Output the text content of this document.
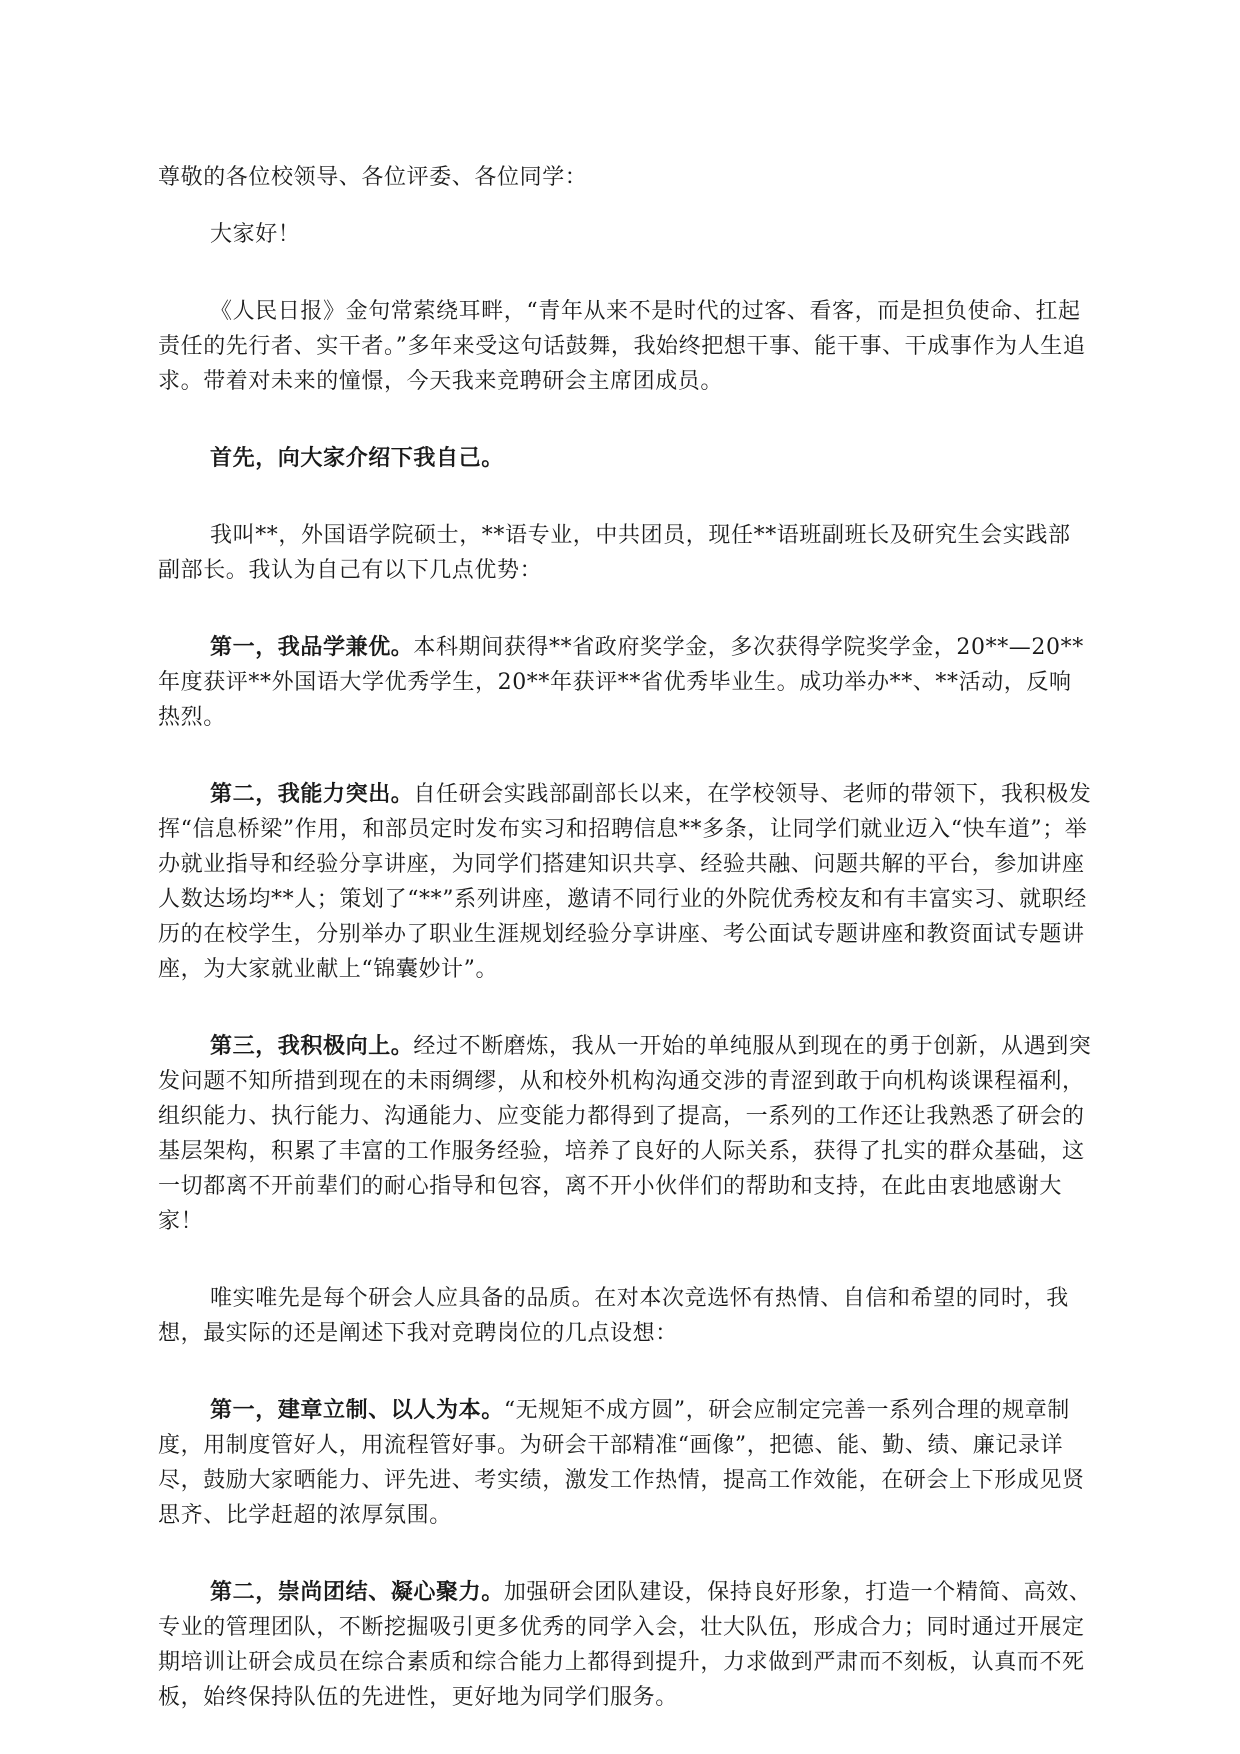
尊敬的各位校领导、各位评委、各位同学：

大家好！

《人民日报》金句常萦绕耳畔，“青年从来不是时代的过客、看客，而是担负使命、扛起责任的先行者、实干者。”多年来受这句话鼓舞，我始终把想干事、能干事、干成事作为人生追求。带着对未来的憧憬，今天我来竞聘研会主席团成员。

首先，向大家介绍下我自己。

我叫**，外国语学院硕士，**语专业，中共团员，现任**语班副班长及研究生会实践部副部长。我认为自己有以下几点优势：

第一，我品学兼优。本科期间获得**省政府奖学金，多次获得学院奖学金，20**—20**年度获评**外国语大学优秀学生，20**年获评**省优秀毕业生。成功举办**、**活动，反响热烈。

第二，我能力突出。自任研会实践部副部长以来，在学校领导、老师的带领下，我积极发挥“信息桥梁”作用，和部员定时发布实习和招聘信息**多条，让同学们就业迈入“快车道”；举办就业指导和经验分享讲座，为同学们搭建知识共享、经验共融、问题共解的平台，参加讲座人数达场均**人；策划了“**”系列讲座，邀请不同行业的外院优秀校友和有丰富实习、就职经历的在校学生，分别举办了职业生涯规划经验分享讲座、考公面试专题讲座和教资面试专题讲座，为大家就业献上“锦囊妙计”。

第三，我积极向上。经过不断磨炼，我从一开始的单纯服从到现在的勇于创新，从遇到突发问题不知所措到现在的未雨绸缪，从和校外机构沟通交涉的青涩到敢于向机构谈课程福利，组织能力、执行能力、沟通能力、应变能力都得到了提高，一系列的工作还让我熟悉了研会的基层架构，积累了丰富的工作服务经验，培养了良好的人际关系，获得了扎实的群众基础，这一切都离不开前辈们的耐心指导和包容，离不开小伙伴们的帮助和支持，在此由衷地感谢大家！

唯实唯先是每个研会人应具备的品质。在对本次竞选怀有热情、自信和希望的同时，我想，最实际的还是阐述下我对竞聘岗位的几点设想：

第一，建章立制、以人为本。“无规矩不成方圆”，研会应制定完善一系列合理的规章制度，用制度管好人，用流程管好事。为研会干部精准“画像”，把德、能、勤、绩、廉记录详尽，鼓励大家晒能力、评先进、考实绩，激发工作热情，提高工作效能，在研会上下形成见贤思齐、比学赶超的浓厚氛围。

第二，崇尚团结、凝心聚力。加强研会团队建设，保持良好形象，打造一个精简、高效、专业的管理团队，不断挖掘吸引更多优秀的同学入会，壮大队伍，形成合力；同时通过开展定期培训让研会成员在综合素质和综合能力上都得到提升，力求做到严肃而不刻板，认真而不死板，始终保持队伍的先进性，更好地为同学们服务。
